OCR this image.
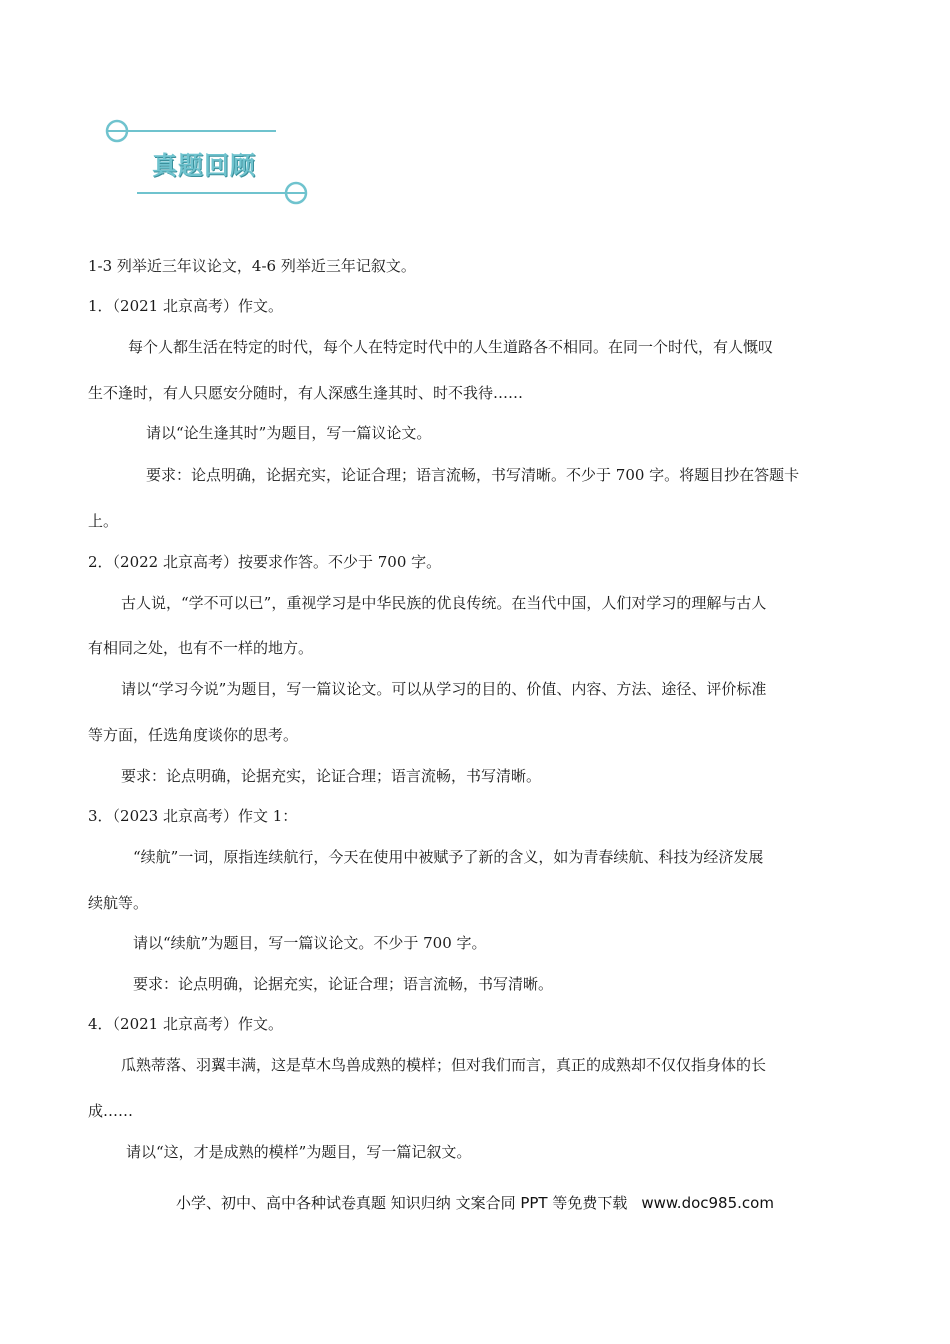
真题回顾
1-3 列举近三年议论文，4-6 列举近三年记叙文。
1．（2021 北京高考）作文。
每个人都生活在特定的时代，每个人在特定时代中的人生道路各不相同。在同一个时代，有人慨叹
生不逢时，有人只愿安分随时，有人深感生逢其时、时不我待……
请以“论生逢其时”为题目，写一篇议论文。
要求：论点明确，论据充实，论证合理；语言流畅，书写清晰。不少于 700 字。将题目抄在答题卡
上。
2．（2022 北京高考）按要求作答。不少于 700 字。
古人说，“学不可以已”，重视学习是中华民族的优良传统。在当代中国，人们对学习的理解与古人
有相同之处，也有不一样的地方。
请以“学习今说”为题目，写一篇议论文。可以从学习的目的、价值、内容、方法、途径、评价标准
等方面，任选角度谈你的思考。
要求：论点明确，论据充实，论证合理；语言流畅，书写清晰。
3．（2023 北京高考）作文 1：
“续航”一词，原指连续航行，今天在使用中被赋予了新的含义，如为青春续航、科技为经济发展
续航等。
请以“续航”为题目，写一篇议论文。不少于 700 字。
要求：论点明确，论据充实，论证合理；语言流畅，书写清晰。
4．（2021 北京高考）作文。
瓜熟蒂落、羽翼丰满，这是草木鸟兽成熟的模样；但对我们而言，真正的成熟却不仅仅指身体的长
成……
请以“这，才是成熟的模样”为题目，写一篇记叙文。
小学、初中、高中各种试卷真题 知识归纳 文案合同 PPT 等免费下载 www.doc985.com
